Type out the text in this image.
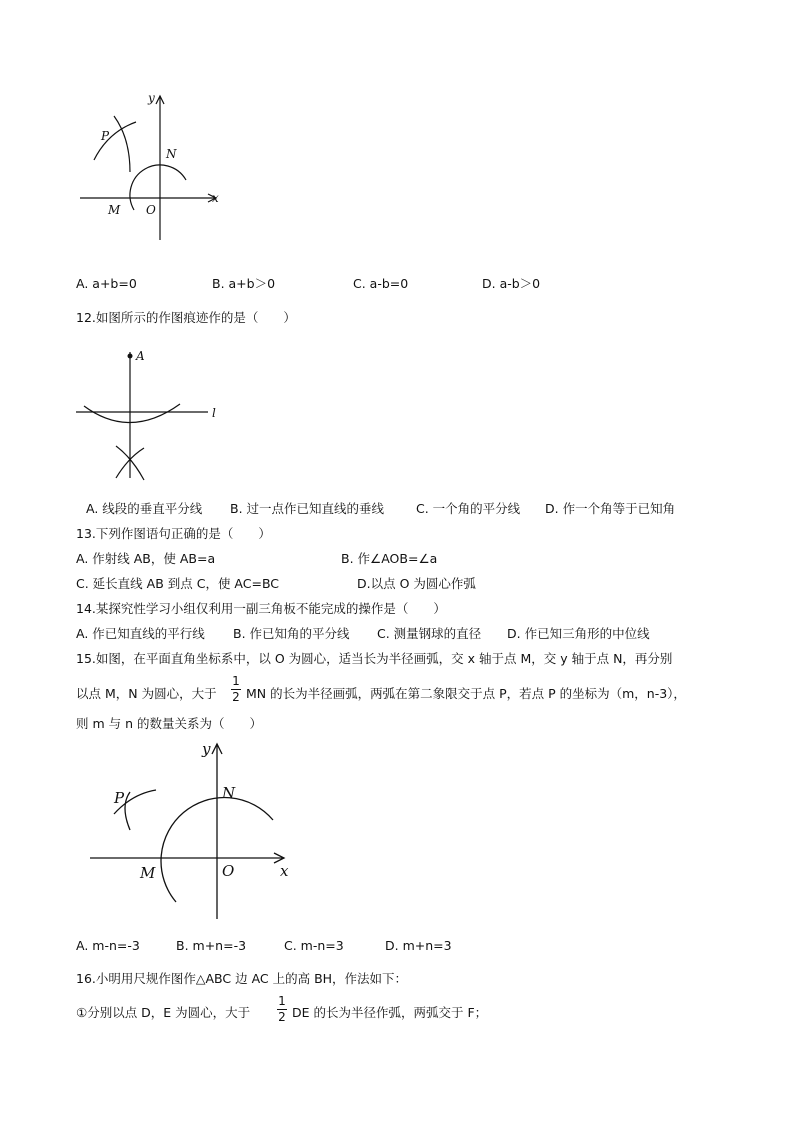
y
x
P
N
M O
A. a+b=0	B. a+b＞0	C. a-b=0	D. a-b＞0
12.如图所示的作图痕迹作的是（　　）
A
l
A. 线段的垂直平分线 B. 过一点作已知直线的垂线	C. 一个角的平分线 D. 作一个角等于已知角
13.下列作图语句正确的是（　　）
A. 作射线 AB，使 AB=a	B. 作∠AOB=∠a
C. 延长直线 AB 到点 C，使 AC=BC	D.以点 O 为圆心作弧
14.某探究性学习小组仅利用一副三角板不能完成的操作是（　　）
A. 作已知直线的平行线 B. 作已知角的平分线 C. 测量钢球的直径 D. 作已知三角形的中位线
15.如图，在平面直角坐标系中，以 O 为圆心，适当长为半径画弧，交 x 轴于点 M，交 y 轴于点 N，再分别
以点 M，N 为圆心，大于
1
2 MN 的长为半径画弧，两弧在第二象限交于点 P，若点 P 的坐标为（m，n-3），
则 m 与 n 的数量关系为（　　）
y
x
P	N
M	O
A. m-n=-3	B. m+n=-3	C. m-n=3	D. m+n=3
16.小明用尺规作图作△ABC 边 AC 上的高 BH，作法如下：
①分别以点 D，E 为圆心，大于
1
2 DE 的长为半径作弧，两弧交于 F；
